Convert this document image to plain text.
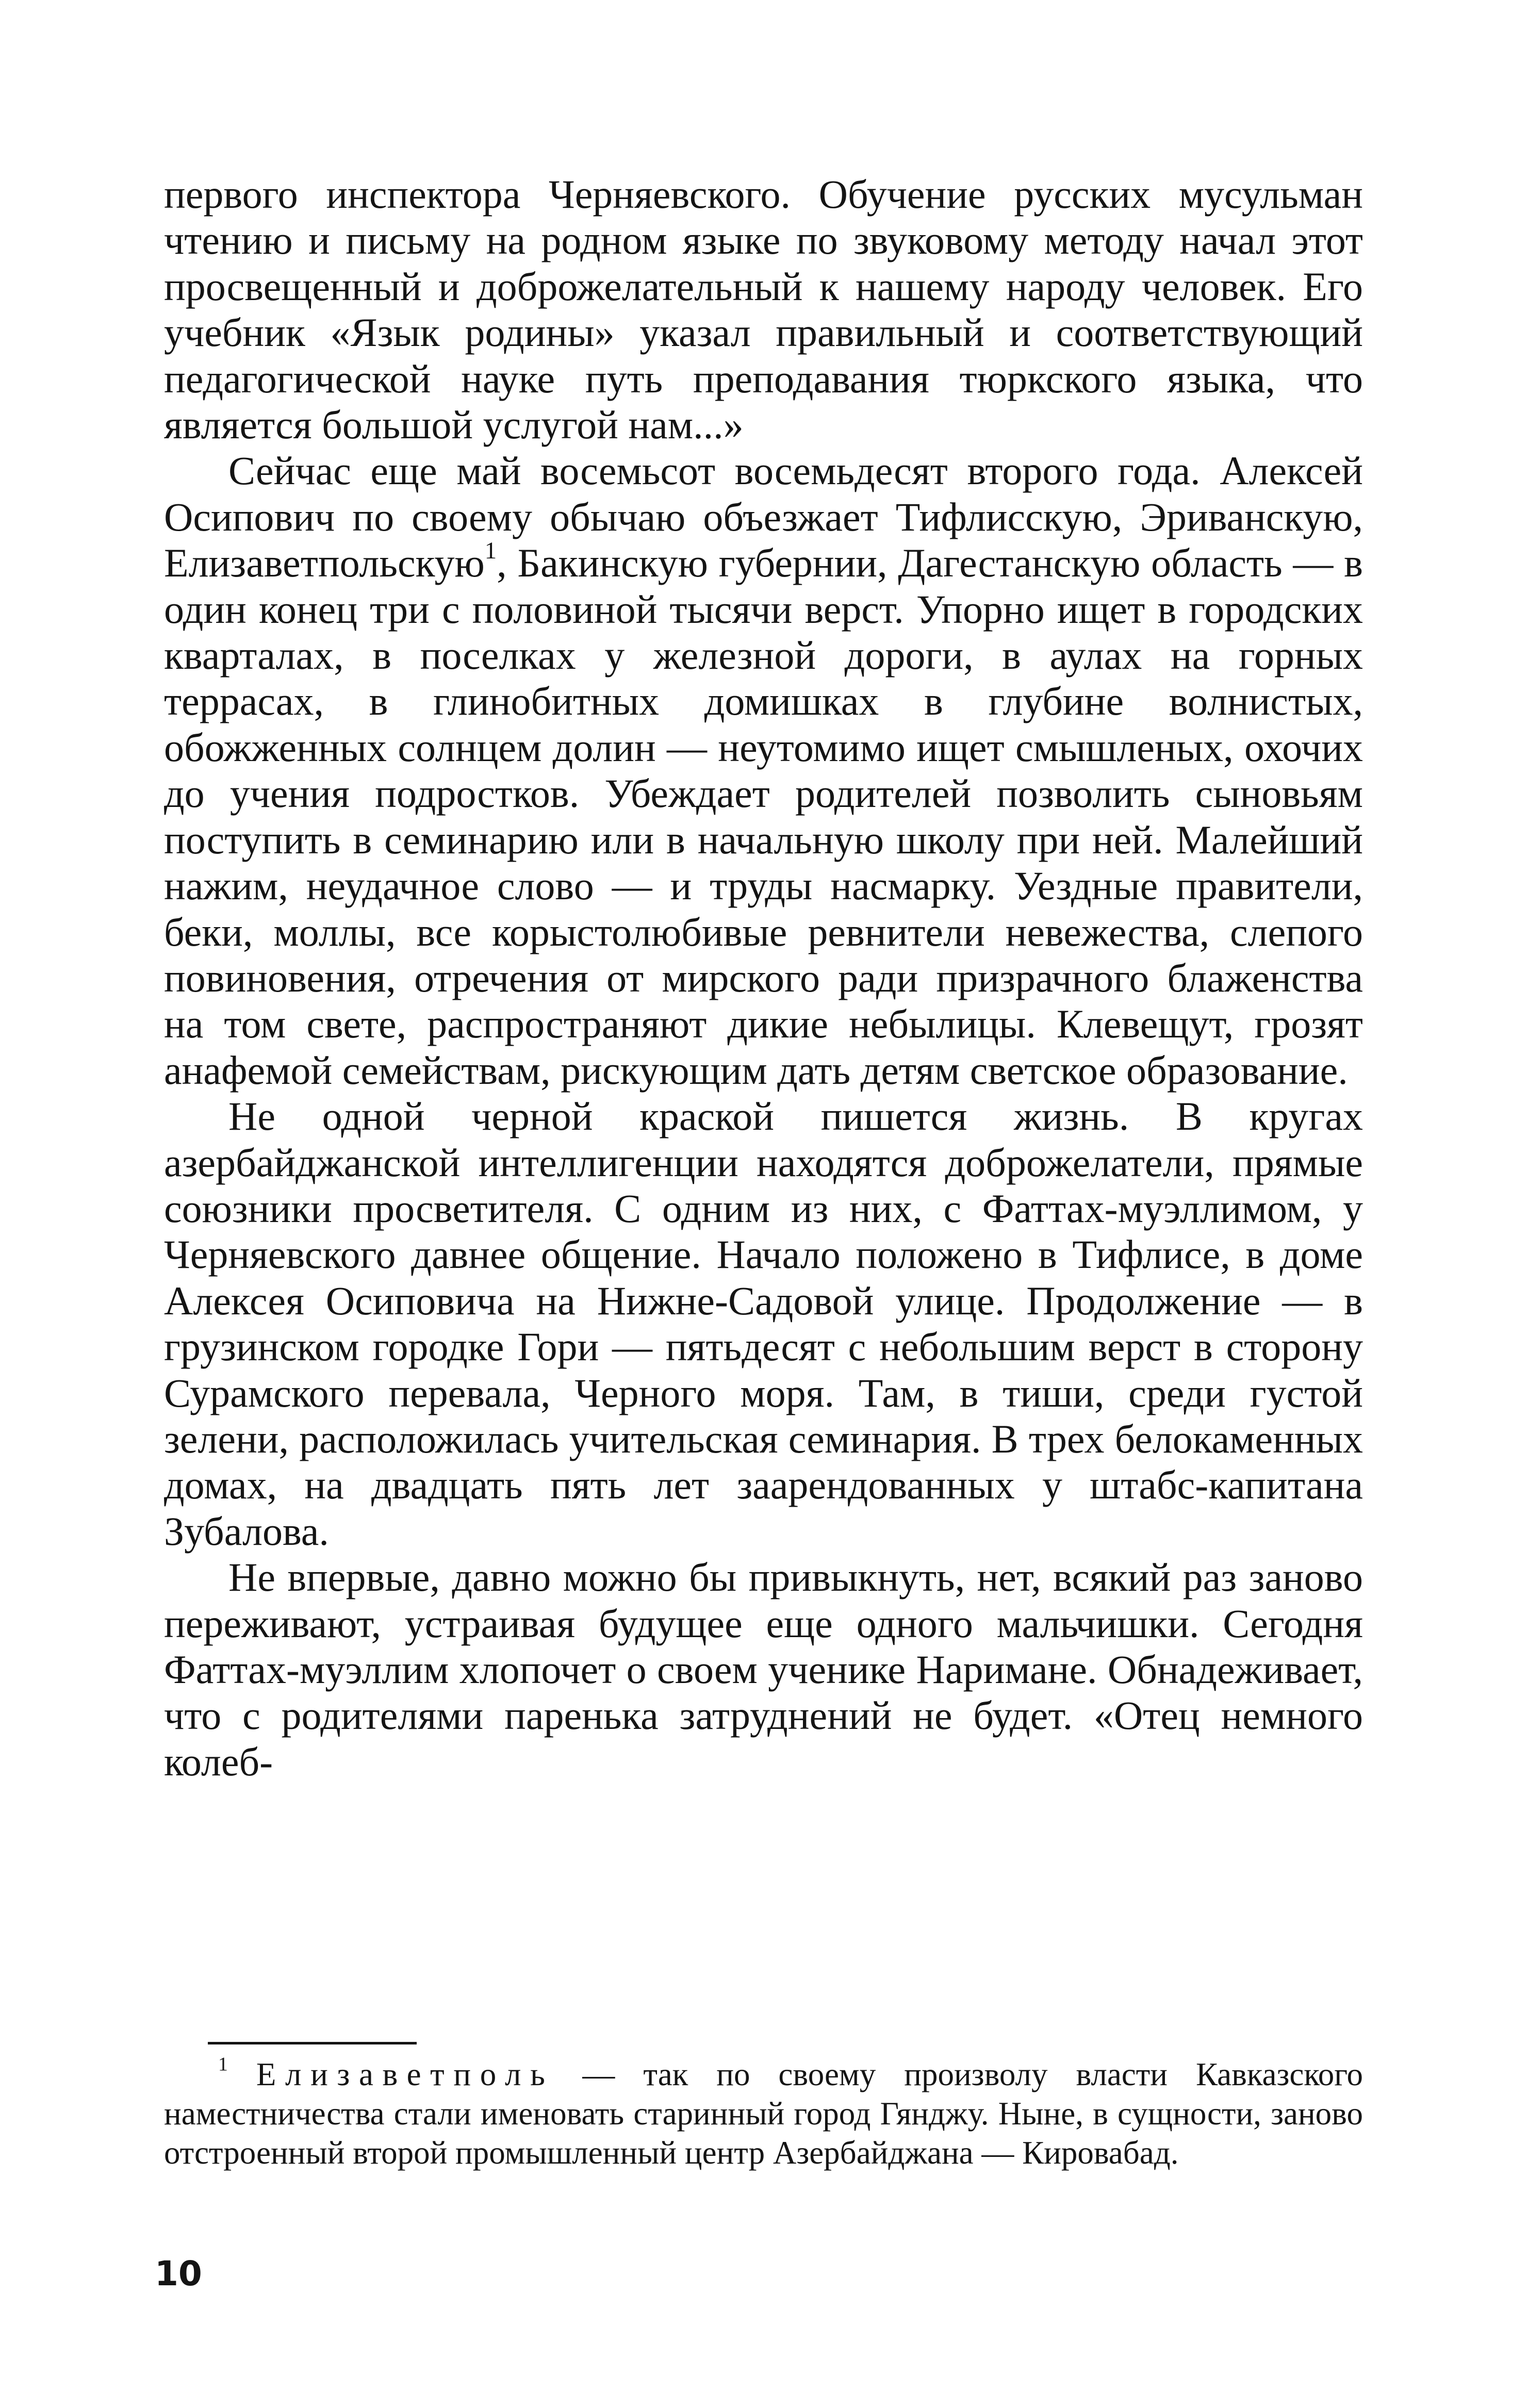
первого инспектора Черняевского. Обучение русских мусульман чтению и письму на родном языке по звуковому методу начал этот просвещенный и доброжелательный к нашему народу человек. Его учебник «Язык родины» указал правильный и соответствующий педагогической науке путь преподавания тюркского языка, что является большой услугой нам...»

Сейчас еще май восемьсот восемьдесят второго года. Алексей Осипович по своему обычаю объезжает Тифлисскую, Эриванскую, Елизаветпольскую$^1$, Бакинскую губернии, Дагестанскую область — в один конец три с половиной тысячи верст. Упорно ищет в городских кварталах, в поселках у железной дороги, в аулах на горных террасах, в глинобитных домишках в глубине волнистых, обожженных солнцем долин — неутомимо ищет смышленых, охочих до учения подростков. Убеждает родителей позволить сыновьям поступить в семинарию или в начальную школу при ней. Малейший нажим, неудачное слово — и труды насмарку. Уездные правители, беки, моллы, все корыстолюбивые ревнители невежества, слепого повиновения, отречения от мирского ради призрачного блаженства на том свете, распространяют дикие небылицы. Клевещут, грозят анафемой семействам, рискующим дать детям светское образование.

Не одной черной краской пишется жизнь. В кругах азербайджанской интеллигенции находятся доброжелатели, прямые союзники просветителя. С одним из них, с Фаттах-муэллимом, у Черняевского давнее общение. Начало положено в Тифлисе, в доме Алексея Осиповича на Нижне-Садовой улице. Продолжение — в грузинском городке Гори — пятьдесят с небольшим верст в сторону Сурамского перевала, Черного моря. Там, в тиши, среди густой зелени, расположилась учительская семинария. В трех белокаменных домах, на двадцать пять лет заарендованных у штабс-капитана Зубалова.

Не впервые, давно можно бы привыкнуть, нет, всякий раз заново переживают, устраивая будущее еще одного мальчишки. Сегодня Фаттах-муэллим хлопочет о своем ученике Наримане. Обнадеживает, что с родителями паренька затруднений не будет. «Отец немного колеб-

$^1$ Елизаветполь — так по своему произволу власти Кавказского наместничества стали именовать старинный город Гянджу. Ныне, в сущности, заново отстроенный второй промышленный центр Азербайджана — Кировабад.

10
